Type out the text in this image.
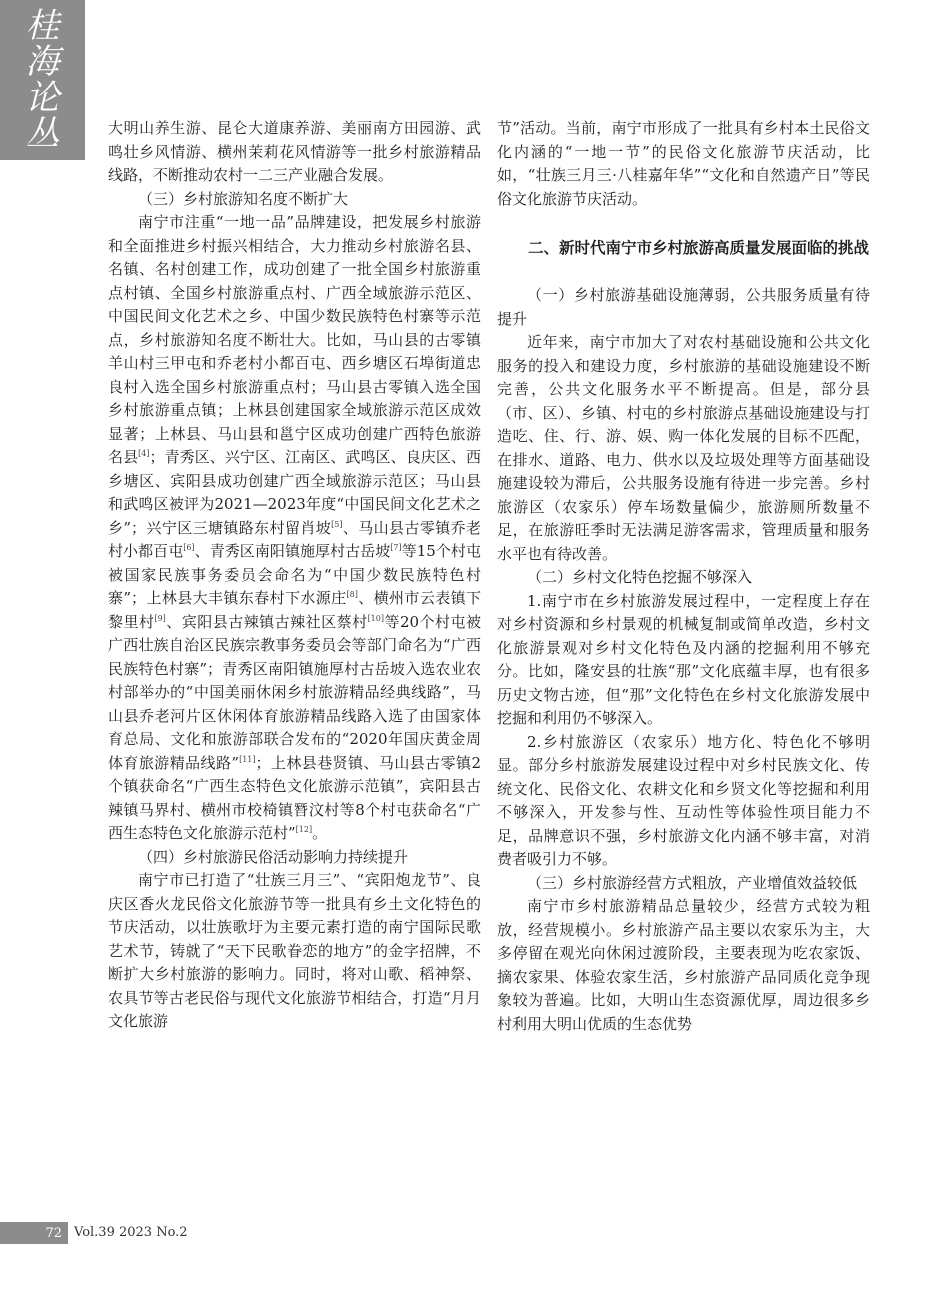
桂
海
论
丛	大明山养生游、昆仑大道康养游、美丽南方田园游、武鸣壮乡风情游、横州茉莉花风情游等一批乡村旅游精品线路，不断推动农村一二三产业融合发展。

（三）乡村旅游知名度不断扩大

南宁市注重“一地一品”品牌建设，把发展乡村旅游和全面推进乡村振兴相结合，大力推动乡村旅游名县、名镇、名村创建工作，成功创建了一批全国乡村旅游重点村镇、全国乡村旅游重点村、广西全域旅游示范区、中国民间文化艺术之乡、中国少数民族特色村寨等示范点，乡村旅游知名度不断壮大。比如，马山县的古零镇羊山村三甲屯和乔老村小都百屯、西乡塘区石埠街道忠良村入选全国乡村旅游重点村；马山县古零镇入选全国乡村旅游重点镇；上林县创建国家全域旅游示范区成效显著；上林县、马山县和邕宁区成功创建广西特色旅游名县[4]；青秀区、兴宁区、江南区、武鸣区、良庆区、西乡塘区、宾阳县成功创建广西全域旅游示范区；马山县和武鸣区被评为2021—2023年度“中国民间文化艺术之乡”；兴宁区三塘镇路东村留肖坡[5]、马山县古零镇乔老村小都百屯[6]、青秀区南阳镇施厚村古岳坡[7]等15个村屯被国家民族事务委员会命名为“中国少数民族特色村寨”；上林县大丰镇东春村下水源庄[8]、横州市云表镇下黎里村[9]、宾阳县古辣镇古辣社区蔡村[10]等20个村屯被广西壮族自治区民族宗教事务委员会等部门命名为“广西民族特色村寨”；青秀区南阳镇施厚村古岳坡入选农业农村部举办的“中国美丽休闲乡村旅游精品经典线路”，马山县乔老河片区休闲体育旅游精品线路入选了由国家体育总局、文化和旅游部联合发布的“2020年国庆黄金周体育旅游精品线路”[11]；上林县巷贤镇、马山县古零镇2个镇获命名“广西生态特色文化旅游示范镇”，宾阳县古辣镇马界村、横州市校椅镇朁汶村等8个村屯获命名“广西生态特色文化旅游示范村”[12]。

（四）乡村旅游民俗活动影响力持续提升

南宁市已打造了“壮族三月三”、“宾阳炮龙节”、良庆区香火龙民俗文化旅游节等一批具有乡土文化特色的节庆活动，以壮族歌圩为主要元素打造的南宁国际民歌艺术节，铸就了“天下民歌眷恋的地方”的金字招牌，不断扩大乡村旅游的影响力。同时，将对山歌、稻神祭、农具节等古老民俗与现代文化旅游节相结合，打造“月月文化旅游

节”活动。当前，南宁市形成了一批具有乡村本土民俗文化内涵的“一地一节”的民俗文化旅游节庆活动，比如，“壮族三月三·八桂嘉年华”“文化和自然遗产日”等民俗文化旅游节庆活动。

二、新时代南宁市乡村旅游高质量发展面临的挑战

（一）乡村旅游基础设施薄弱，公共服务质量有待提升

近年来，南宁市加大了对农村基础设施和公共文化服务的投入和建设力度，乡村旅游的基础设施建设不断完善，公共文化服务水平不断提高。但是，部分县（市、区）、乡镇、村屯的乡村旅游点基础设施建设与打造吃、住、行、游、娱、购一体化发展的目标不匹配，在排水、道路、电力、供水以及垃圾处理等方面基础设施建设较为滞后，公共服务设施有待进一步完善。乡村旅游区（农家乐）停车场数量偏少，旅游厕所数量不足，在旅游旺季时无法满足游客需求，管理质量和服务水平也有待改善。

（二）乡村文化特色挖掘不够深入

1.南宁市在乡村旅游发展过程中，一定程度上存在对乡村资源和乡村景观的机械复制或简单改造，乡村文化旅游景观对乡村文化特色及内涵的挖掘利用不够充分。比如，隆安县的壮族“那”文化底蕴丰厚，也有很多历史文物古迹，但“那”文化特色在乡村文化旅游发展中挖掘和利用仍不够深入。

2.乡村旅游区（农家乐）地方化、特色化不够明显。部分乡村旅游发展建设过程中对乡村民族文化、传统文化、民俗文化、农耕文化和乡贤文化等挖掘和利用不够深入，开发参与性、互动性等体验性项目能力不足，品牌意识不强，乡村旅游文化内涵不够丰富，对消费者吸引力不够。

（三）乡村旅游经营方式粗放，产业增值效益较低

南宁市乡村旅游精品总量较少，经营方式较为粗放，经营规模小。乡村旅游产品主要以农家乐为主，大多停留在观光向休闲过渡阶段，主要表现为吃农家饭、摘农家果、体验农家生活，乡村旅游产品同质化竞争现象较为普遍。比如，大明山生态资源优厚，周边很多乡村利用大明山优质的生态优势

72 Vol.39 2023 No.2
